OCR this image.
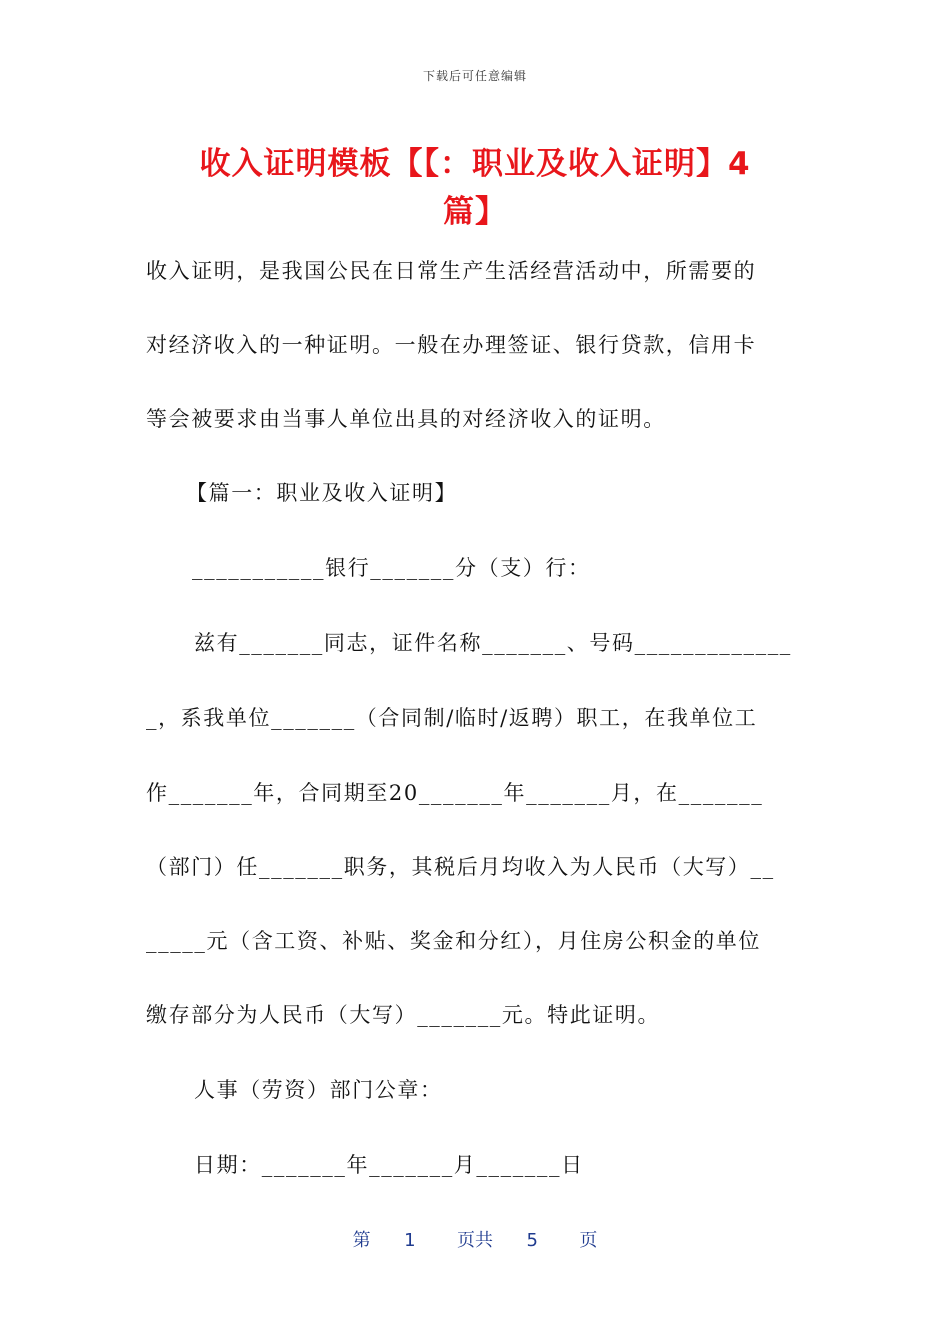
下载后可任意编辑
收入证明模板【【：职业及收入证明】4
篇】
收入证明，是我国公民在日常生产生活经营活动中，所需要的
对经济收入的一种证明。一般在办理签证、银行贷款，信用卡
等会被要求由当事人单位出具的对经济收入的证明。
【篇一：职业及收入证明】
___________银行_______分（支）行：
兹有_______同志，证件名称_______、号码_____________
_，系我单位_______（合同制/临时/返聘）职工，在我单位工
作_______年，合同期至20_______年_______月，在_______
（部门）任_______职务，其税后月均收入为人民币（大写）__
_____元（含工资、补贴、奖金和分红），月住房公积金的单位
缴存部分为人民币（大写）_______元。特此证明。
人事（劳资）部门公章：
日期：_______年_______月_______日
第 1 页共 5 页
